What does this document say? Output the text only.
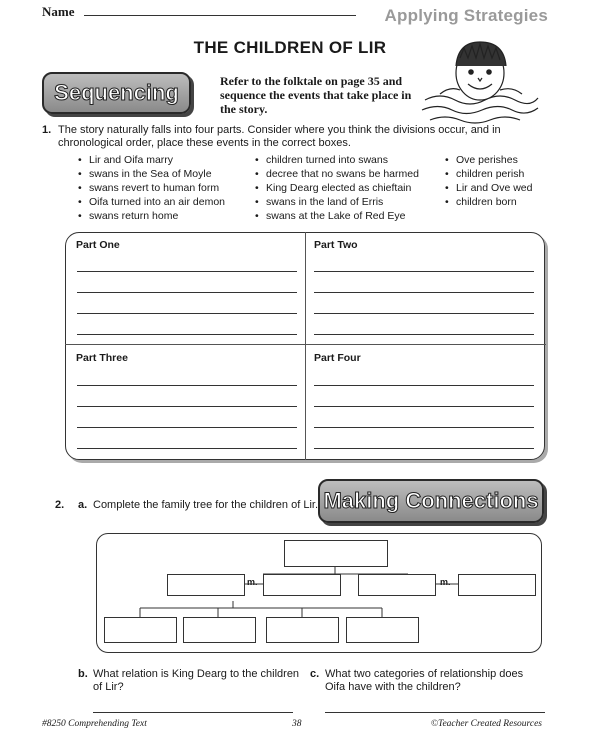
Name	Applying Strategies
THE CHILDREN OF LIR
Sequencing	Refer to the folktale on page 35 and sequence the events that take place in the story.
1. The story naturally falls into four parts. Consider where you think the divisions occur, and in chronological order, place these events in the correct boxes.
• Lir and Oifa marry
• swans in the Sea of Moyle
• swans revert to human form
• Oifa turned into an air demon
• swans return home
• children turned into swans
• decree that no swans be harmed
• King Dearg elected as chieftain
• swans in the land of Erris
• swans at the Lake of Red Eye
• Ove perishes
• children perish
• Lir and Ove wed
• children born
Part One	Part Two
Part Three	Part Four
2. a. Complete the family tree for the children of Lir. Making Connections
m.	m.
b. What relation is King Dearg to the children of Lir?
c. What two categories of relationship does Oifa have with the children?
#8250 Comprehending Text	38	©Teacher Created Resources
